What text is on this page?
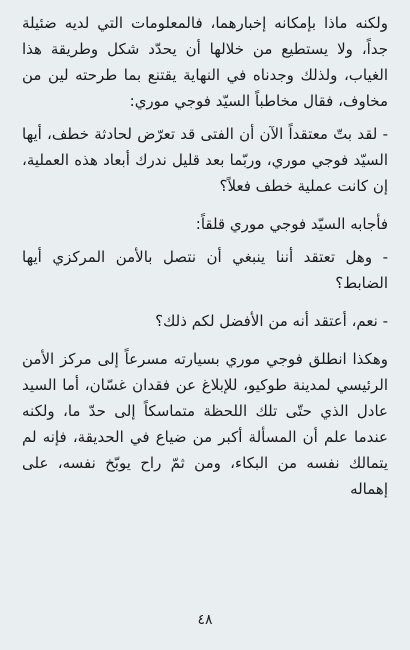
ولكنه ماذا بإمكانه إخبارهما، فالمعلومات التي لديه ضئيلة جداً، ولا يستطيع من خلالها أن يحدّد شكل وطريقة هذا الغياب، ولذلك وجدناه في النهاية يقتنع بما طرحته لين من مخاوف، فقال مخاطباً السيّد فوجي موري:

- لقد بتّ معتقداً الآن أن الفتى قد تعرّض لحادثة خطف، أيها السيّد فوجي موري، وربّما بعد قليل ندرك أبعاد هذه العملية، إن كانت عملية خطف فعلاً؟

فأجابه السيّد فوجي موري قلقاً:

- وهل تعتقد أننا ينبغي أن نتصل بالأمن المركزي أيها الضابط؟

- نعم، أعتقد أنه من الأفضل لكم ذلك؟

وهكذا انطلق فوجي موري بسيارته مسرعاً إلى مركز الأمن الرئيسي لمدينة طوكيو، للإبلاغ عن فقدان غسّان، أما السيد عادل الذي حتّى تلك اللحظة متماسكاً إلى حدّ ما، ولكنه عندما علم أن المسألة أكبر من ضياع في الحديقة، فإنه لم يتمالك نفسه من البكاء، ومن ثمّ راح يوبّخ نفسه، على إهماله

٤٨
